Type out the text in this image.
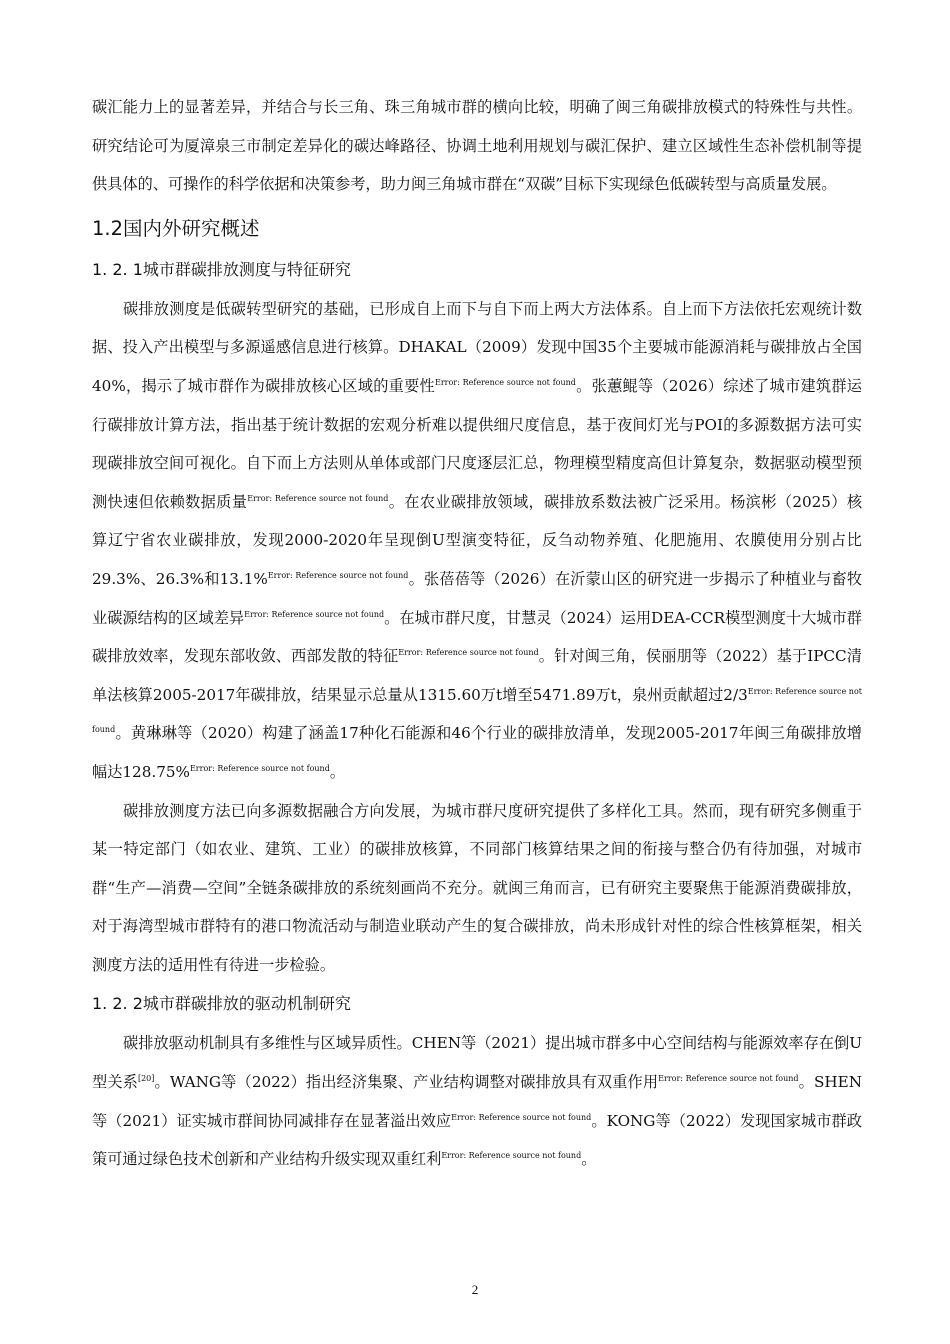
碳汇能力上的显著差异，并结合与长三角、珠三角城市群的横向比较，明确了闽三角碳排放模式的特殊性与共性。研究结论可为厦漳泉三市制定差异化的碳达峰路径、协调土地利用规划与碳汇保护、建立区域性生态补偿机制等提供具体的、可操作的科学依据和决策参考，助力闽三角城市群在“双碳”目标下实现绿色低碳转型与高质量发展。

1.2国内外研究概述
1. 2. 1城市群碳排放测度与特征研究

碳排放测度是低碳转型研究的基础，已形成自上而下与自下而上两大方法体系。自上而下方法依托宏观统计数据、投入产出模型与多源遥感信息进行核算。DHAKAL（2009）发现中国35个主要城市能源消耗与碳排放占全国40%，揭示了城市群作为碳排放核心区域的重要性$^{Error: Reference source not found}$。张蕙鲲等（2026）综述了城市建筑群运行碳排放计算方法，指出基于统计数据的宏观分析难以提供细尺度信息，基于夜间灯光与POI的多源数据方法可实现碳排放空间可视化。自下而上方法则从单体或部门尺度逐层汇总，物理模型精度高但计算复杂，数据驱动模型预测快速但依赖数据质量$^{Error: Reference source not found}$。在农业碳排放领域，碳排放系数法被广泛采用。杨滨彬（2025）核算辽宁省农业碳排放，发现2000-2020年呈现倒U型演变特征，反刍动物养殖、化肥施用、农膜使用分别占比29.3%、26.3%和13.1%$^{Error: Reference source not found}$。张蓓蓓等（2026）在沂蒙山区的研究进一步揭示了种植业与畜牧业碳源结构的区域差异$^{Error: Reference source not found}$。在城市群尺度，甘慧灵（2024）运用DEA-CCR模型测度十大城市群碳排放效率，发现东部收敛、西部发散的特征$^{Error: Reference source not found}$。针对闽三角，侯丽朋等（2022）基于IPCC清单法核算2005-2017年碳排放，结果显示总量从1315.60万t增至5471.89万t，泉州贡献超过2/3$^{Error: Reference source not found}$。黄琳琳等（2020）构建了涵盖17种化石能源和46个行业的碳排放清单，发现2005-2017年闽三角碳排放增幅达128.75%$^{Error: Reference source not found}$。

碳排放测度方法已向多源数据融合方向发展，为城市群尺度研究提供了多样化工具。然而，现有研究多侧重于某一特定部门（如农业、建筑、工业）的碳排放核算，不同部门核算结果之间的衔接与整合仍有待加强，对城市群“生产—消费—空间”全链条碳排放的系统刻画尚不充分。就闽三角而言，已有研究主要聚焦于能源消费碳排放，对于海湾型城市群特有的港口物流活动与制造业联动产生的复合碳排放，尚未形成针对性的综合性核算框架，相关测度方法的适用性有待进一步检验。

1. 2. 2城市群碳排放的驱动机制研究

碳排放驱动机制具有多维性与区域异质性。CHEN等（2021）提出城市群多中心空间结构与能源效率存在倒U型关系[20]。WANG等（2022）指出经济集聚、产业结构调整对碳排放具有双重作用$^{Error: Reference source not found}$。SHEN等（2021）证实城市群间协同减排存在显著溢出效应$^{Error: Reference source not found}$。KONG等（2022）发现国家城市群政策可通过绿色技术创新和产业结构升级实现双重红利$^{Error: Reference source not found}$。

2
